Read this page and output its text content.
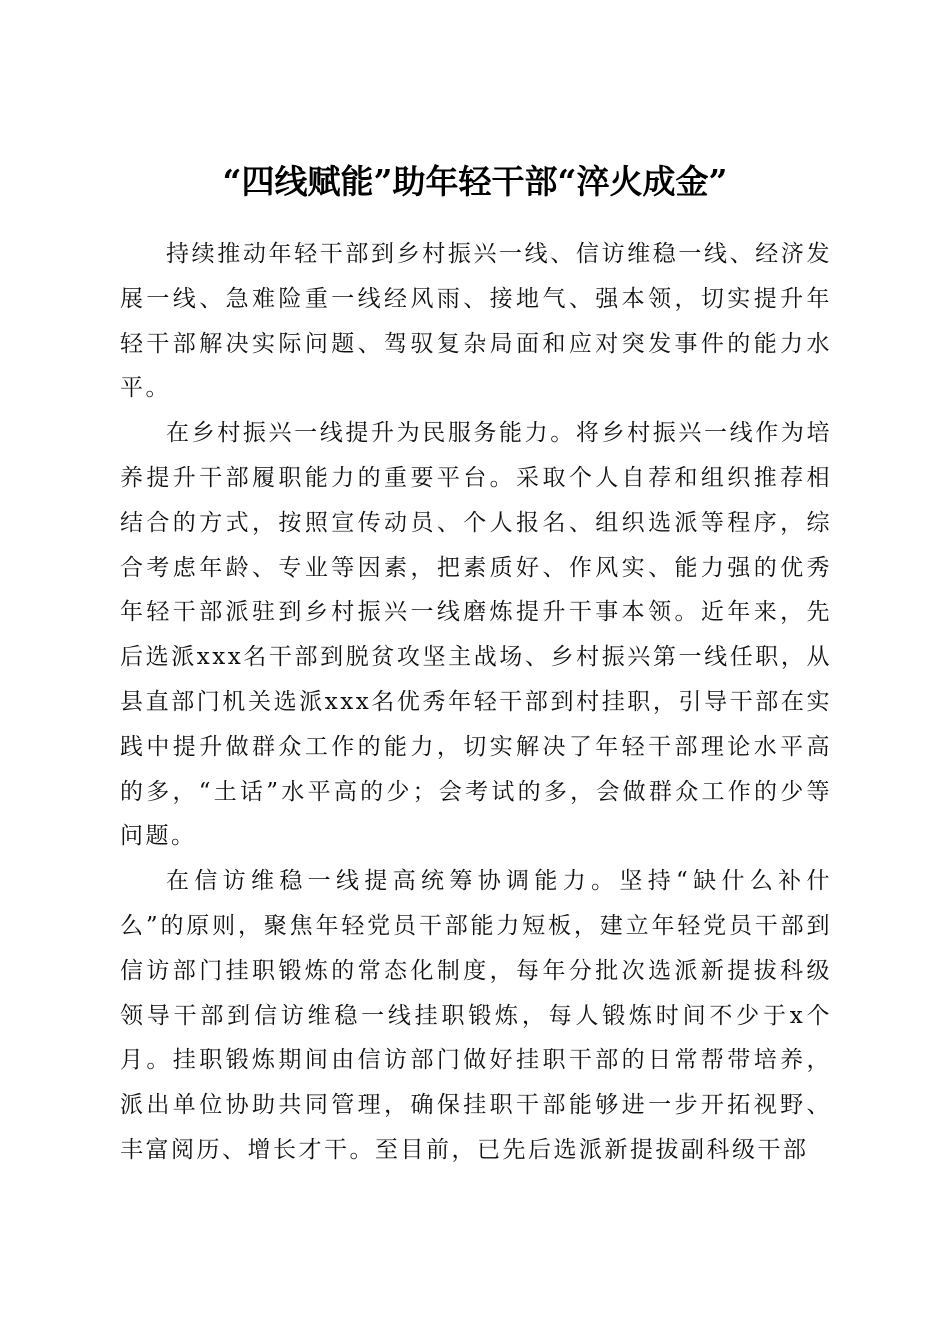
“四线赋能”助年轻干部“淬火成金”

持续推动年轻干部到乡村振兴一线、信访维稳一线、经济发展一线、急难险重一线经风雨、接地气、强本领，切实提升年轻干部解决实际问题、驾驭复杂局面和应对突发事件的能力水平。

在乡村振兴一线提升为民服务能力。将乡村振兴一线作为培养提升干部履职能力的重要平台。采取个人自荐和组织推荐相结合的方式，按照宣传动员、个人报名、组织选派等程序，综合考虑年龄、专业等因素，把素质好、作风实、能力强的优秀年轻干部派驻到乡村振兴一线磨炼提升干事本领。近年来，先后选派xxx名干部到脱贫攻坚主战场、乡村振兴第一线任职，从县直部门机关选派xxx名优秀年轻干部到村挂职，引导干部在实践中提升做群众工作的能力，切实解决了年轻干部理论水平高的多，“土话”水平高的少；会考试的多，会做群众工作的少等问题。

在信访维稳一线提高统筹协调能力。坚持“缺什么补什么”的原则，聚焦年轻党员干部能力短板，建立年轻党员干部到信访部门挂职锻炼的常态化制度，每年分批次选派新提拔科级领导干部到信访维稳一线挂职锻炼，每人锻炼时间不少于x个月。挂职锻炼期间由信访部门做好挂职干部的日常帮带培养，派出单位协助共同管理，确保挂职干部能够进一步开拓视野、丰富阅历、增长才干。至目前，已先后选派新提拔副科级干部
